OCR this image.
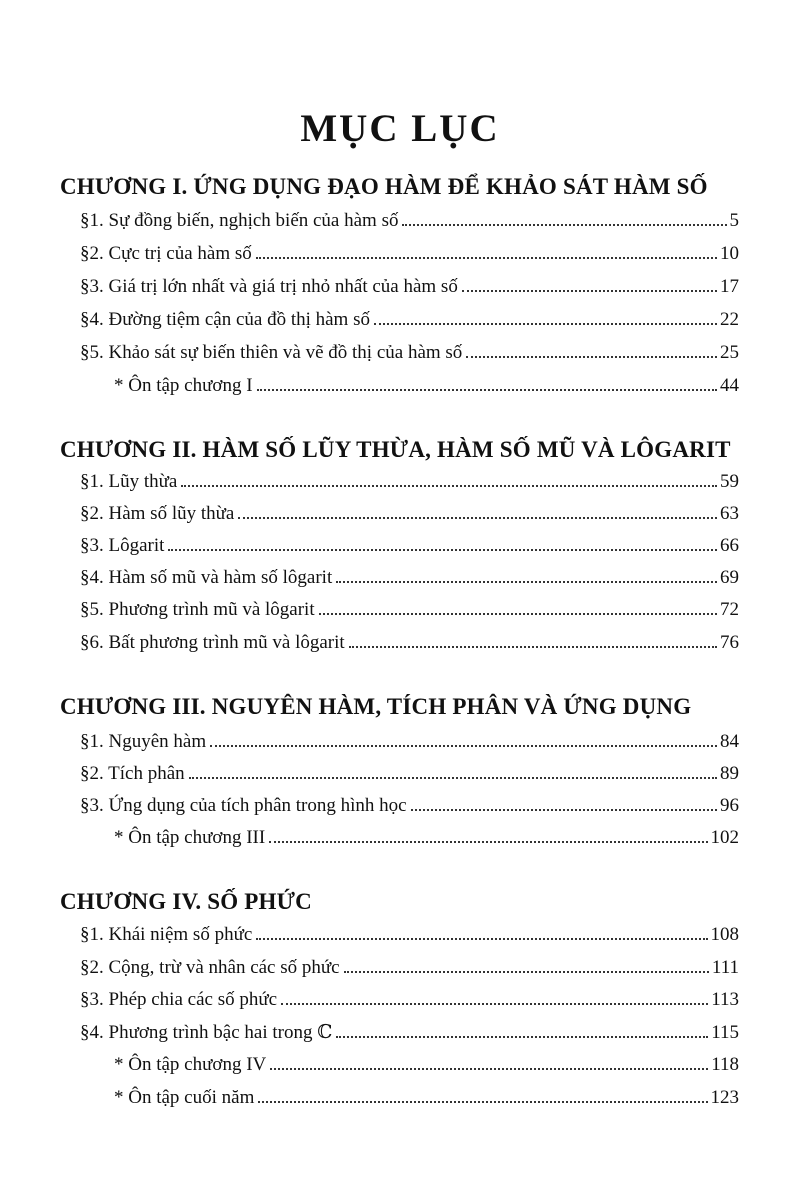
MỤC LỤC
CHƯƠNG I. ỨNG DỤNG ĐẠO HÀM ĐỂ KHẢO SÁT HÀM SỐ
§1. Sự đồng biến, nghịch biến của hàm số	5
§2. Cực trị của hàm số	10
§3. Giá trị lớn nhất và giá trị nhỏ nhất của hàm số	17
§4. Đường tiệm cận của đồ thị hàm số	22
§5. Khảo sát sự biến thiên và vẽ đồ thị của hàm số	25
* Ôn tập chương I	44
CHƯƠNG II. HÀM SỐ LŨY THỪA, HÀM SỐ MŨ VÀ LÔGARIT
§1. Lũy thừa	59
§2. Hàm số lũy thừa	63
§3. Lôgarit	66
§4. Hàm số mũ và hàm số lôgarit	69
§5. Phương trình mũ và lôgarit	72
§6. Bất phương trình mũ và lôgarit	76
CHƯƠNG III. NGUYÊN HÀM, TÍCH PHÂN VÀ ỨNG DỤNG
§1. Nguyên hàm	84
§2. Tích phân	89
§3. Ứng dụng của tích phân trong hình học	96
* Ôn tập chương III	102
CHƯƠNG IV. SỐ PHỨC
§1. Khái niệm số phức	108
§2. Cộng, trừ và nhân các số phức	111
§3. Phép chia các số phức	113
§4. Phương trình bậc hai trong ℂ	115
* Ôn tập chương IV	118
* Ôn tập cuối năm	123
